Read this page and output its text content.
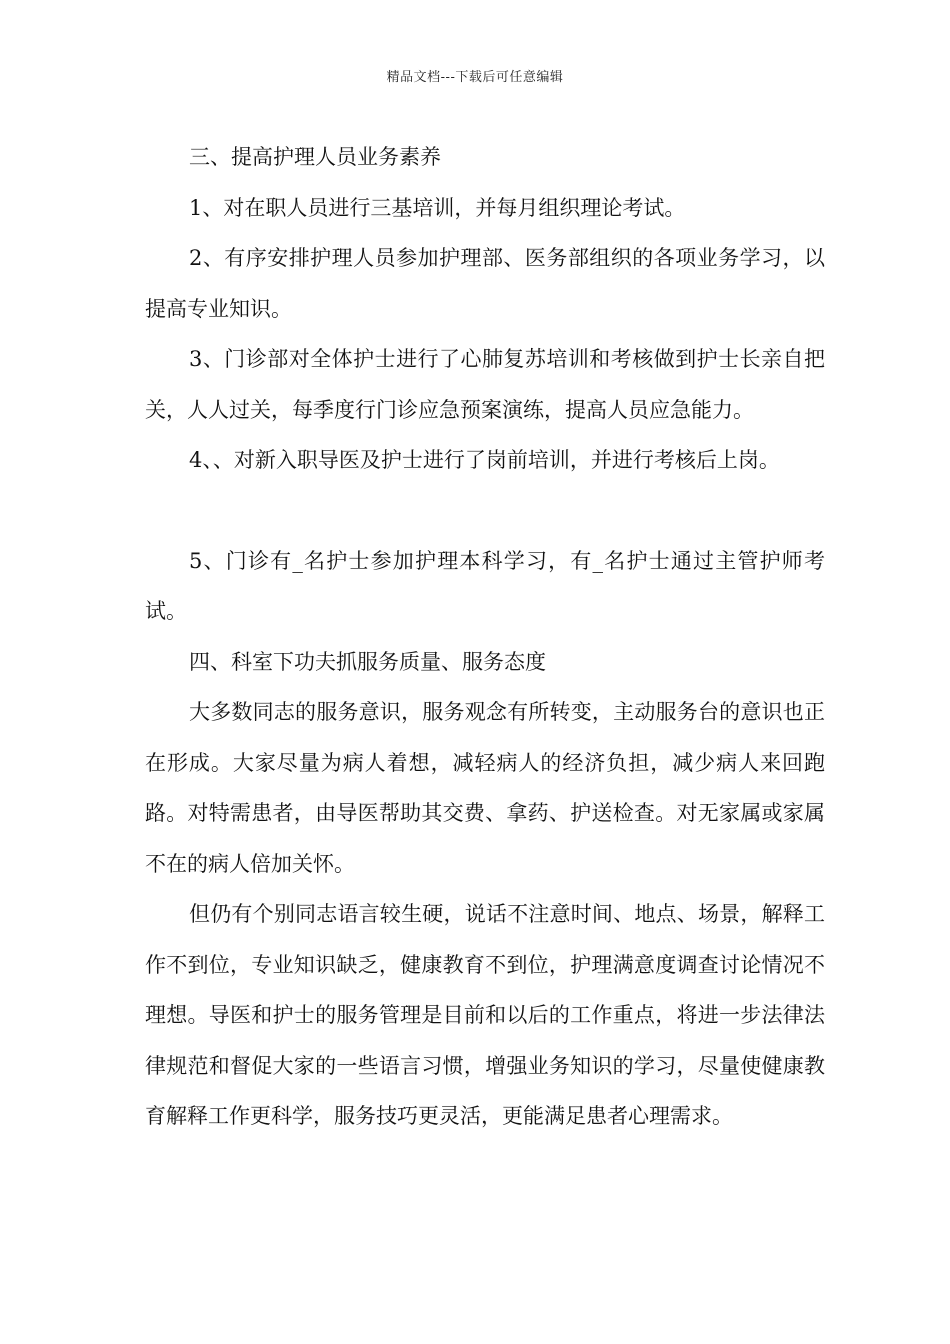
精品文档---下载后可任意编辑

三、提高护理人员业务素养

1、对在职人员进行三基培训，并每月组织理论考试。

2、有序安排护理人员参加护理部、医务部组织的各项业务学习，以提高专业知识。

3、门诊部对全体护士进行了心肺复苏培训和考核做到护士长亲自把关，人人过关，每季度行门诊应急预案演练，提高人员应急能力。

4、、对新入职导医及护士进行了岗前培训，并进行考核后上岗。

5、门诊有_名护士参加护理本科学习，有_名护士通过主管护师考试。

四、科室下功夫抓服务质量、服务态度

大多数同志的服务意识，服务观念有所转变，主动服务台的意识也正在形成。大家尽量为病人着想，减轻病人的经济负担，减少病人来回跑路。对特需患者，由导医帮助其交费、拿药、护送检查。对无家属或家属不在的病人倍加关怀。

但仍有个别同志语言较生硬，说话不注意时间、地点、场景，解释工作不到位，专业知识缺乏，健康教育不到位，护理满意度调查讨论情况不理想。导医和护士的服务管理是目前和以后的工作重点，将进一步法律法律规范和督促大家的一些语言习惯，增强业务知识的学习，尽量使健康教育解释工作更科学，服务技巧更灵活，更能满足患者心理需求。
